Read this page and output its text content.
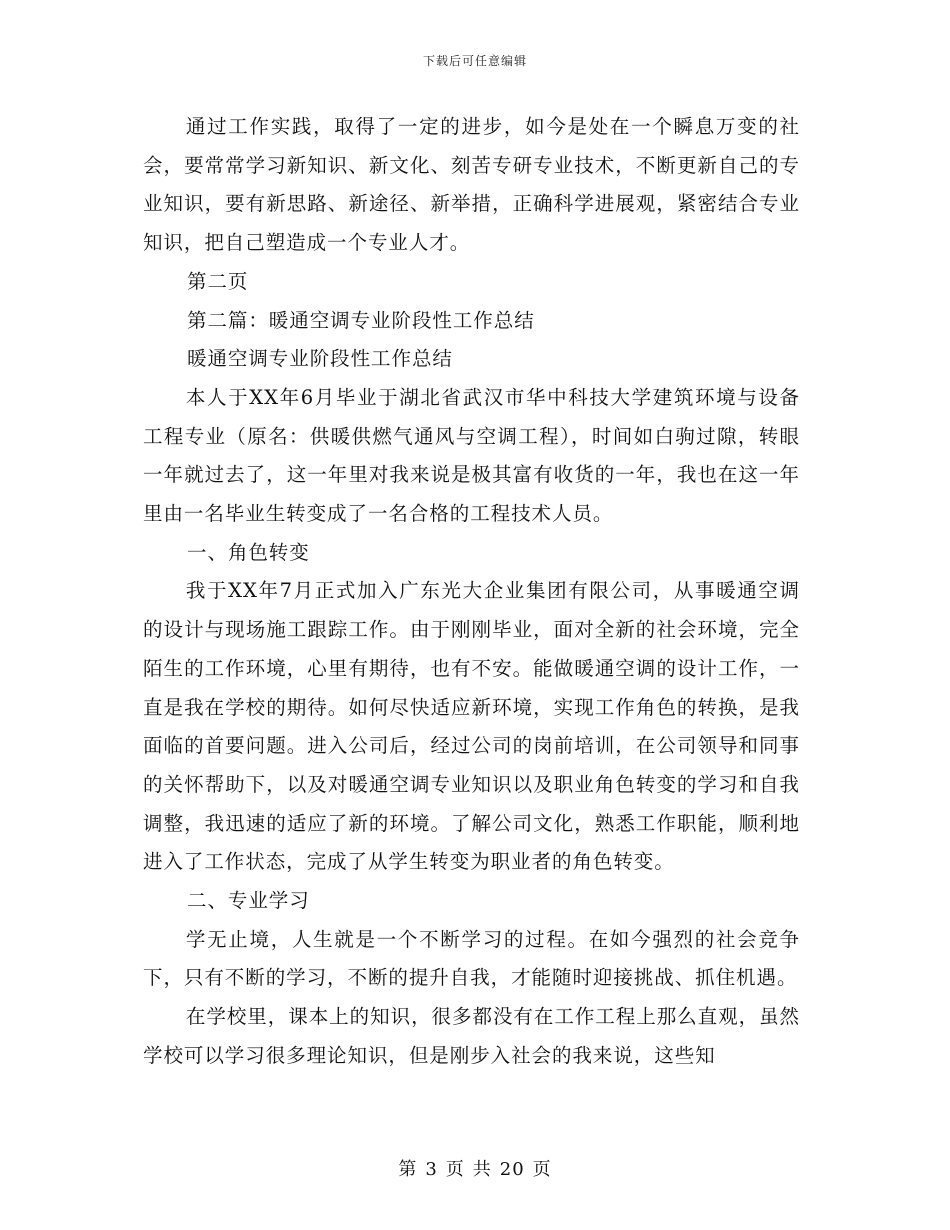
下载后可任意编辑

通过工作实践，取得了一定的进步，如今是处在一个瞬息万变的社会，要常常学习新知识、新文化、刻苦专研专业技术，不断更新自己的专业知识，要有新思路、新途径、新举措，正确科学进展观，紧密结合专业知识，把自己塑造成一个专业人才。

第二页

第二篇：暖通空调专业阶段性工作总结

暖通空调专业阶段性工作总结

本人于XX年6月毕业于湖北省武汉市华中科技大学建筑环境与设备工程专业（原名：供暖供燃气通风与空调工程），时间如白驹过隙，转眼一年就过去了，这一年里对我来说是极其富有收货的一年，我也在这一年里由一名毕业生转变成了一名合格的工程技术人员。

一、角色转变

我于XX年7月正式加入广东光大企业集团有限公司，从事暖通空调的设计与现场施工跟踪工作。由于刚刚毕业，面对全新的社会环境，完全陌生的工作环境，心里有期待，也有不安。能做暖通空调的设计工作，一直是我在学校的期待。如何尽快适应新环境，实现工作角色的转换，是我面临的首要问题。进入公司后，经过公司的岗前培训，在公司领导和同事的关怀帮助下，以及对暖通空调专业知识以及职业角色转变的学习和自我调整，我迅速的适应了新的环境。了解公司文化，熟悉工作职能，顺利地进入了工作状态，完成了从学生转变为职业者的角色转变。

二、专业学习

学无止境，人生就是一个不断学习的过程。在如今强烈的社会竞争下，只有不断的学习，不断的提升自我，才能随时迎接挑战、抓住机遇。

在学校里，课本上的知识，很多都没有在工作工程上那么直观，虽然学校可以学习很多理论知识，但是刚步入社会的我来说，这些知

第 3 页 共 20 页
